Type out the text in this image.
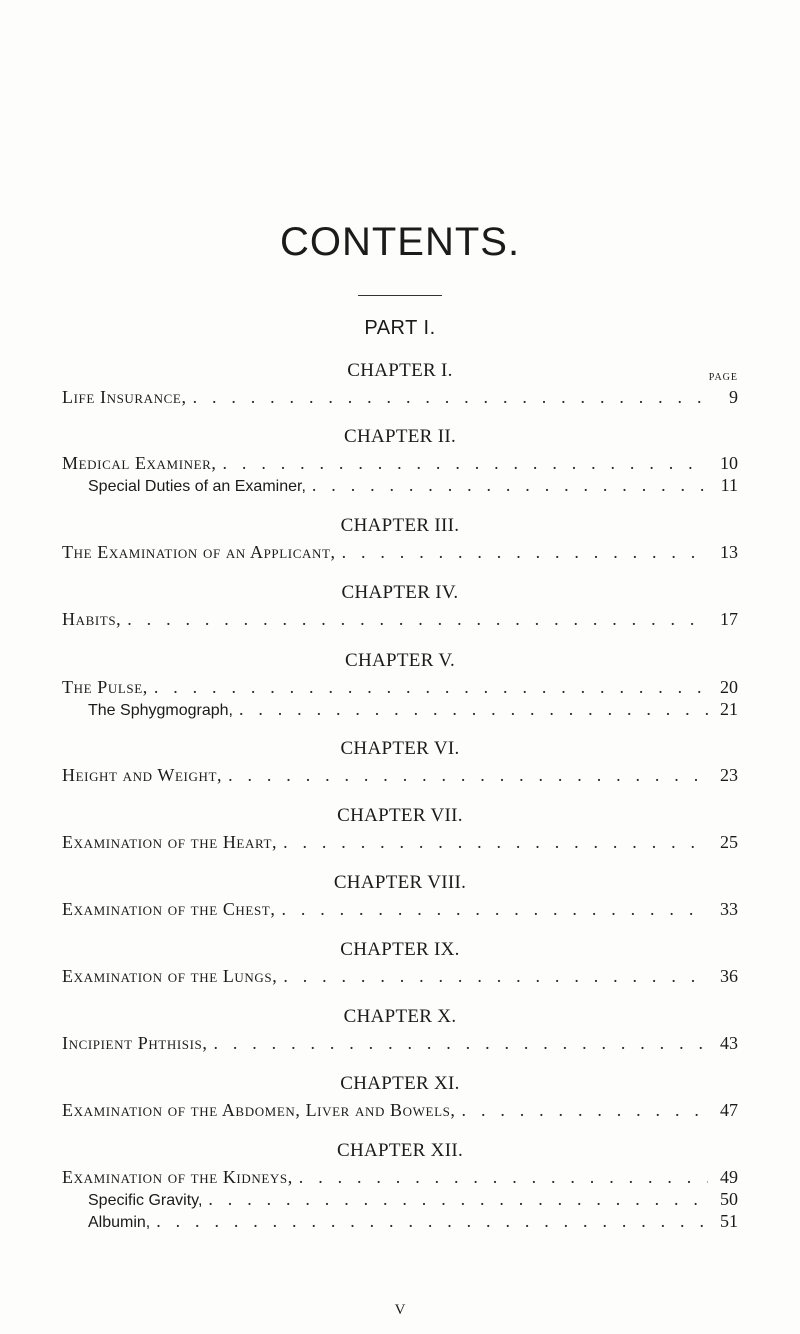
CONTENTS.
PART I.
PAGE
CHAPTER I.
Life Insurance, . . .	9
CHAPTER II.
Medical Examiner, . . .	10
Special Duties of an Examiner, . . .	11
CHAPTER III.
The Examination of an Applicant, . . .	13
CHAPTER IV.
Habits, . . .	17
CHAPTER V.
The Pulse, . . .	20
The Sphygmograph, . . .	21
CHAPTER VI.
Height and Weight, . . .	23
CHAPTER VII.
Examination of the Heart, . . .	25
CHAPTER VIII.
Examination of the Chest, . . .	33
CHAPTER IX.
Examination of the Lungs, . . .	36
CHAPTER X.
Incipient Phthisis, . . .	43
CHAPTER XI.
Examination of the Abdomen, Liver and Bowels, . . .	47
CHAPTER XII.
Examination of the Kidneys, . . .	49
Specific Gravity, . . .	50
Albumin, . . .	51
V
